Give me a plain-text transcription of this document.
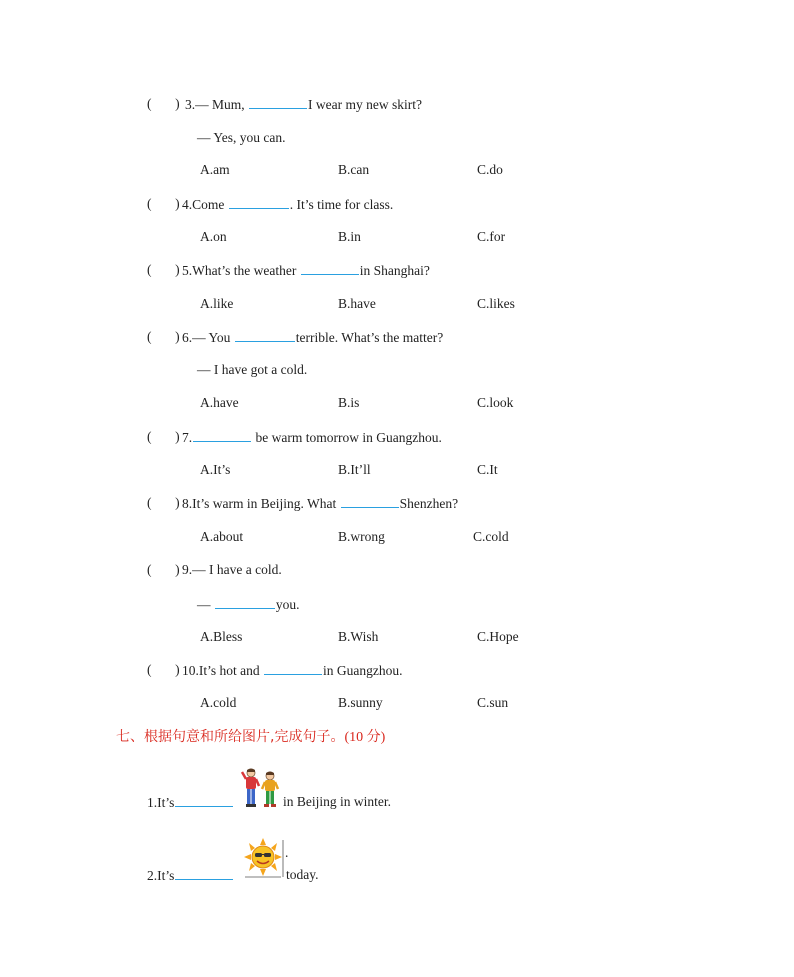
( ) 3.— Mum,	I wear my new skirt?
— Yes, you can.
A.am	B.can	C.do
( ) 4.Come	. It’s time for class.
A.on	B.in	C.for
( ) 5.What’s the weather	in Shanghai?
A.like	B.have	C.likes
( ) 6.— You	terrible. What’s the matter?
— I have got a cold.
A.have	B.is	C.look
( ) 7.	be warm tomorrow in Guangzhou.
A.It’s	B.It’ll	C.It
( ) 8.It’s warm in Beijing. What	Shenzhen?
A.about	B.wrong	C.cold
( ) 9.— I have a cold.
—	you.
A.Bless	B.Wish	C.Hope
( ) 10.It’s hot and	in Guangzhou.
A.cold	B.sunny	C.sun
七、根据句意和所给图片,完成句子。(10 分)
1.It’s	in Beijing in winter.
2.It’s
.
today.
